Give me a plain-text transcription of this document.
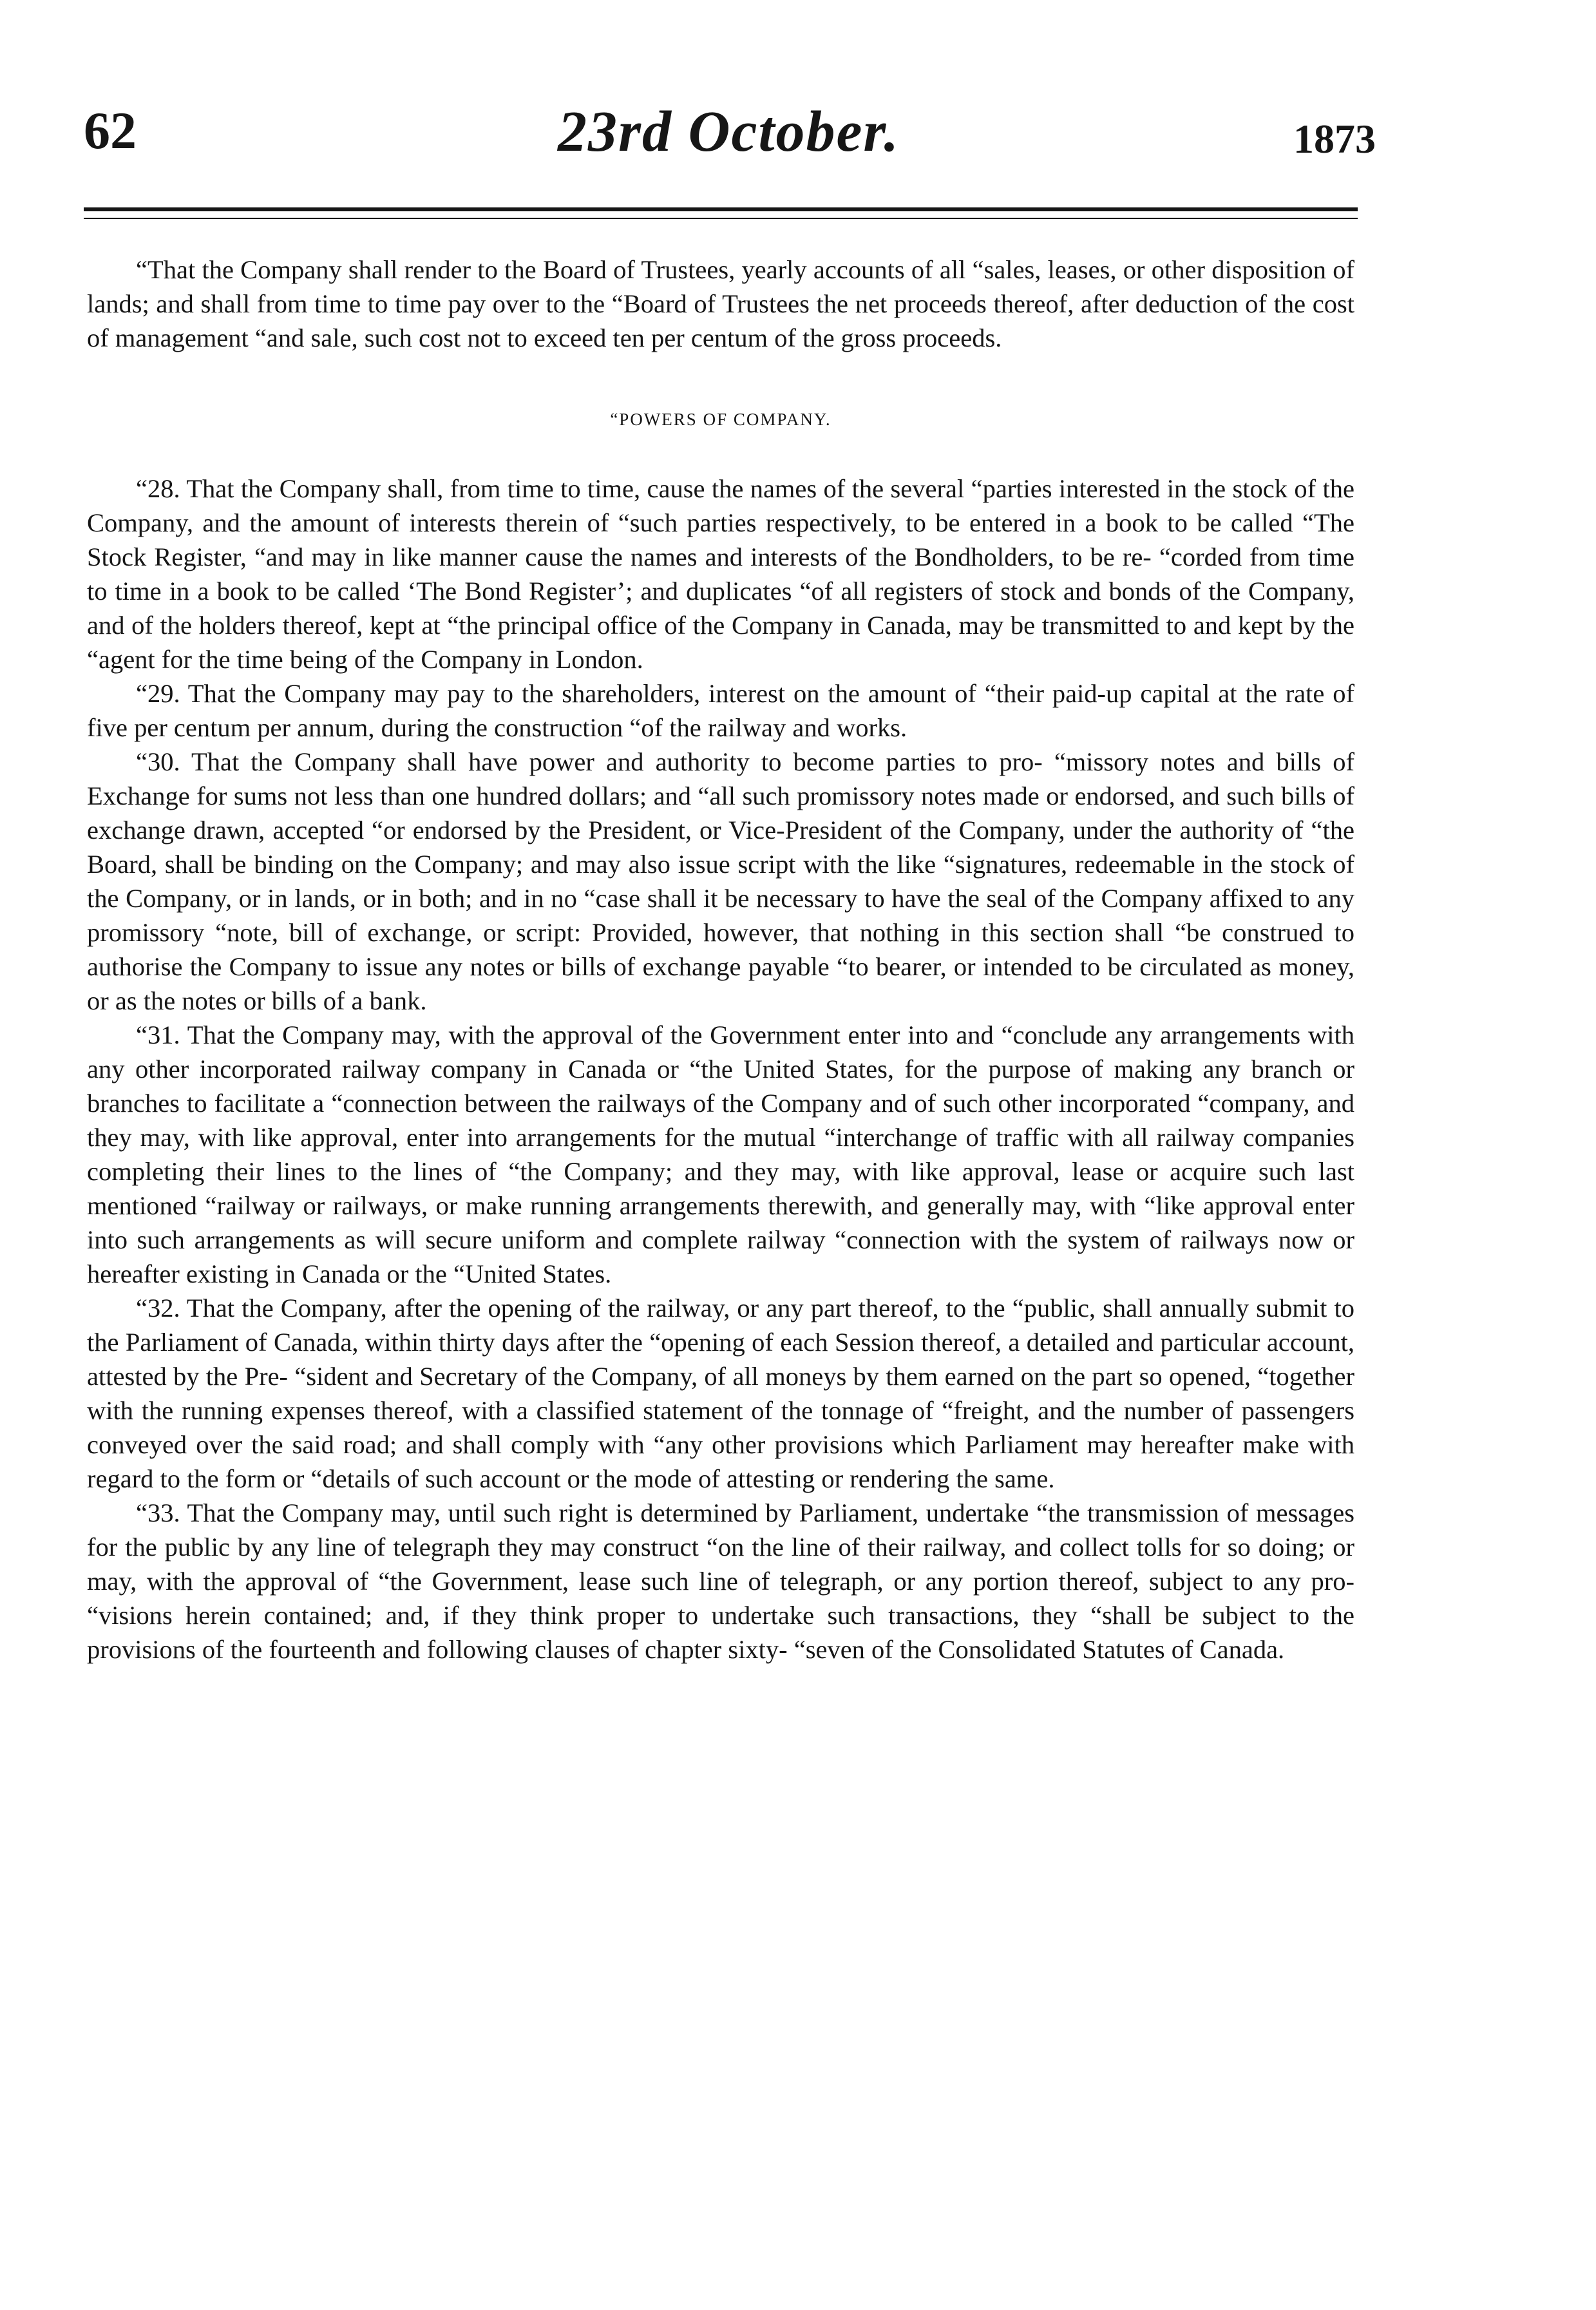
62	23rd October.	1873

“That the Company shall render to the Board of Trustees, yearly accounts of all “sales, leases, or other disposition of lands; and shall from time to time pay over to the “Board of Trustees the net proceeds thereof, after deduction of the cost of management “and sale, such cost not to exceed ten per centum of the gross proceeds.

“POWERS OF COMPANY.

“28. That the Company shall, from time to time, cause the names of the several “parties interested in the stock of the Company, and the amount of interests therein of “such parties respectively, to be entered in a book to be called “The Stock Register, “and may in like manner cause the names and interests of the Bondholders, to be re- “corded from time to time in a book to be called ‘The Bond Register’; and duplicates “of all registers of stock and bonds of the Company, and of the holders thereof, kept at “the principal office of the Company in Canada, may be transmitted to and kept by the “agent for the time being of the Company in London.

“29. That the Company may pay to the shareholders, interest on the amount of “their paid-up capital at the rate of five per centum per annum, during the construction “of the railway and works.

“30. That the Company shall have power and authority to become parties to pro- “missory notes and bills of Exchange for sums not less than one hundred dollars; and “all such promissory notes made or endorsed, and such bills of exchange drawn, accepted “or endorsed by the President, or Vice-President of the Company, under the authority of “the Board, shall be binding on the Company; and may also issue script with the like “signatures, redeemable in the stock of the Company, or in lands, or in both; and in no “case shall it be necessary to have the seal of the Company affixed to any promissory “note, bill of exchange, or script: Provided, however, that nothing in this section shall “be construed to authorise the Company to issue any notes or bills of exchange payable “to bearer, or intended to be circulated as money, or as the notes or bills of a bank.

“31. That the Company may, with the approval of the Government enter into and “conclude any arrangements with any other incorporated railway company in Canada or “the United States, for the purpose of making any branch or branches to facilitate a “connection between the railways of the Company and of such other incorporated “company, and they may, with like approval, enter into arrangements for the mutual “interchange of traffic with all railway companies completing their lines to the lines of “the Company; and they may, with like approval, lease or acquire such last mentioned “railway or railways, or make running arrangements therewith, and generally may, with “like approval enter into such arrangements as will secure uniform and complete railway “connection with the system of railways now or hereafter existing in Canada or the “United States.

“32. That the Company, after the opening of the railway, or any part thereof, to the “public, shall annually submit to the Parliament of Canada, within thirty days after the “opening of each Session thereof, a detailed and particular account, attested by the Pre- “sident and Secretary of the Company, of all moneys by them earned on the part so opened, “together with the running expenses thereof, with a classified statement of the tonnage of “freight, and the number of passengers conveyed over the said road; and shall comply with “any other provisions which Parliament may hereafter make with regard to the form or “details of such account or the mode of attesting or rendering the same.

“33. That the Company may, until such right is determined by Parliament, undertake “the transmission of messages for the public by any line of telegraph they may construct “on the line of their railway, and collect tolls for so doing; or may, with the approval of “the Government, lease such line of telegraph, or any portion thereof, subject to any pro- “visions herein contained; and, if they think proper to undertake such transactions, they “shall be subject to the provisions of the fourteenth and following clauses of chapter sixty- “seven of the Consolidated Statutes of Canada.
